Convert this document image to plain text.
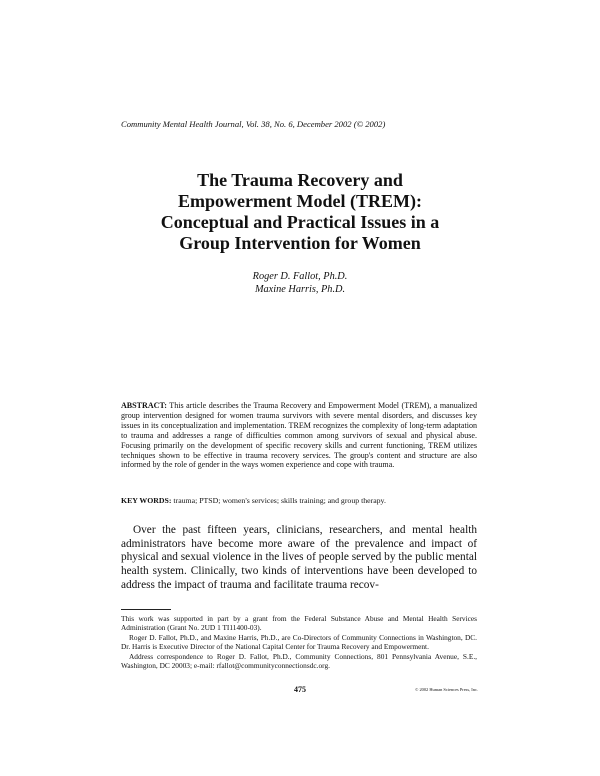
Community Mental Health Journal, Vol. 38, No. 6, December 2002 (© 2002)
The Trauma Recovery and
Empowerment Model (TREM):
Conceptual and Practical Issues in a
Group Intervention for Women
Roger D. Fallot, Ph.D.
Maxine Harris, Ph.D.
ABSTRACT: This article describes the Trauma Recovery and Empowerment Model (TREM), a manualized group intervention designed for women trauma survivors with severe mental disorders, and discusses key issues in its conceptualization and implementation. TREM recognizes the complexity of long-term adaptation to trauma and addresses a range of difficulties common among survivors of sexual and physical abuse. Focusing primarily on the development of specific recovery skills and current functioning, TREM utilizes techniques shown to be effective in trauma recovery services. The group's content and structure are also informed by the role of gender in the ways women experience and cope with trauma.
KEY WORDS: trauma; PTSD; women's services; skills training; and group therapy.
Over the past fifteen years, clinicians, researchers, and mental health administrators have become more aware of the prevalence and impact of physical and sexual violence in the lives of people served by the public mental health system. Clinically, two kinds of interventions have been developed to address the impact of trauma and facilitate trauma recov-

This work was supported in part by a grant from the Federal Substance Abuse and Mental Health Services Administration (Grant No. 2UD 1 TI11400-03).

Roger D. Fallot, Ph.D., and Maxine Harris, Ph.D., are Co-Directors of Community Connections in Washington, DC. Dr. Harris is Executive Director of the National Capital Center for Trauma Recovery and Empowerment.

Address correspondence to Roger D. Fallot, Ph.D., Community Connections, 801 Pennsylvania Avenue, S.E., Washington, DC 20003; e-mail: rfallot@communityconnectionsdc.org.

475	© 2002 Human Sciences Press, Inc.
